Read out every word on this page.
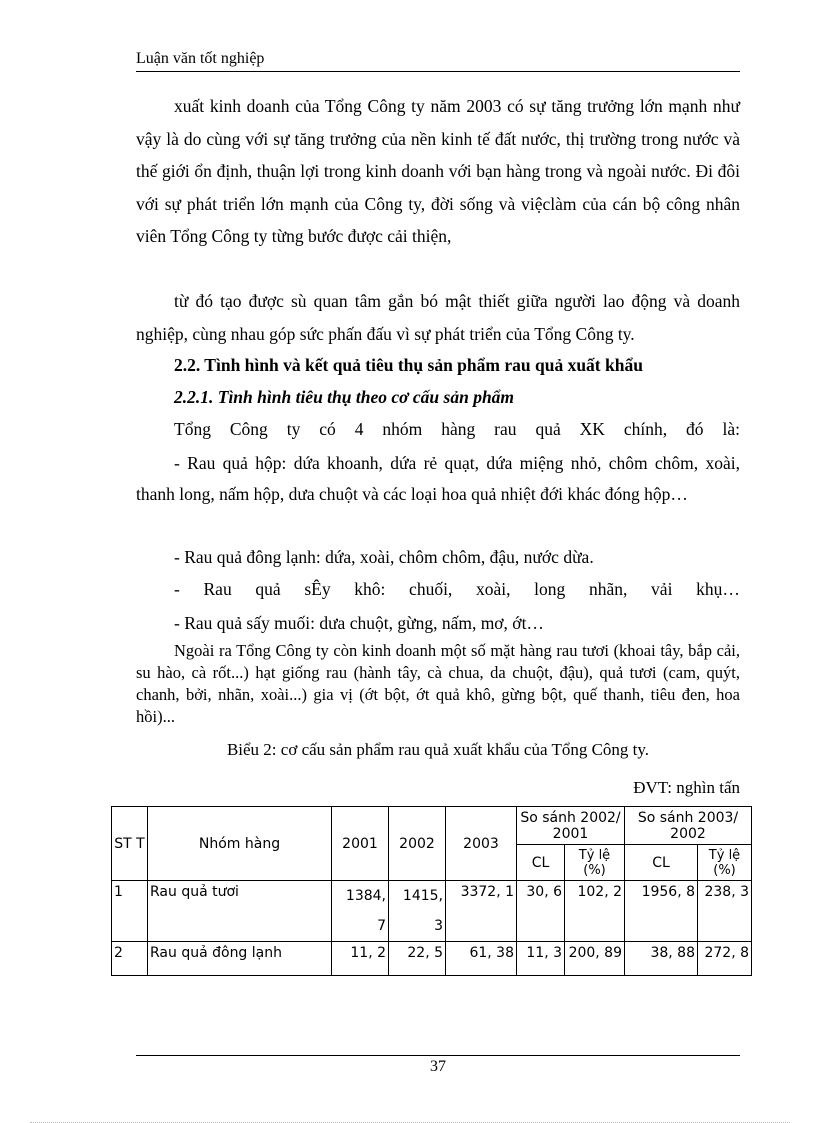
Luận văn tốt nghiệp

xuất kinh doanh của Tổng Công ty năm 2003 có sự tăng trưởng lớn mạnh như vậy là do cùng với sự tăng trưởng của nền kinh tế đất nước, thị trường trong nước và thế giới ổn định, thuận lợi trong kinh doanh với bạn hàng trong và ngoài nước. Đi đôi với sự phát triển lớn mạnh của Công ty, đời sống và việclàm của cán bộ công nhân viên Tổng Công ty từng bước được cải thiện,

từ đó tạo được sù quan tâm gắn bó mật thiết giữa người lao động và doanh nghiệp, cùng nhau góp sức phấn đấu vì sự phát triển của Tổng Công ty.

2.2. Tình hình và kết quả tiêu thụ sản phẩm rau quả xuất khẩu
2.2.1. Tình hình tiêu thụ theo cơ cấu sản phẩm
Tổng Công ty có 4 nhóm hàng rau quả XK chính, đó là:

- Rau quả hộp: dứa khoanh, dứa rẻ quạt, dứa miệng nhỏ, chôm chôm, xoài, thanh long, nấm hộp, dưa chuột và các loại hoa quả nhiệt đới khác đóng hộp…

- Rau quả đông lạnh: dứa, xoài, chôm chôm, đậu, nước dừa.
- Rau quả sÊy khô: chuối, xoài, long nhãn, vải khụ…
- Rau quả sấy muối: dưa chuột, gừng, nấm, mơ, ớt…

Ngoài ra Tổng Công ty còn kinh doanh một số mặt hàng rau tươi (khoai tây, bắp cải, su hào, cà rốt...) hạt giống rau (hành tây, cà chua, da chuột, đậu), quả tươi (cam, quýt, chanh, bởi, nhãn, xoài...) gia vị (ớt bột, ớt quả khô, gừng bột, quế thanh, tiêu đen, hoa hồi)...

Biểu 2: cơ cấu sản phẩm rau quả xuất khẩu của Tổng Công ty.
ĐVT: nghìn tấn
ST T	Nhóm hàng	2001	2002	2003	So sánh 2002/ 2001		So sánh 2003/ 2002	
					CL	Tỷ lệ (%)	CL	Tỷ lệ (%)
1	Rau quả tươi	1384, 7	1415, 3	3372, 1	30, 6	102, 2	1956, 8	238, 3
2	Rau quả đông lạnh	11, 2	22, 5	61, 38	11, 3	200, 89	38, 88	272, 8
37
